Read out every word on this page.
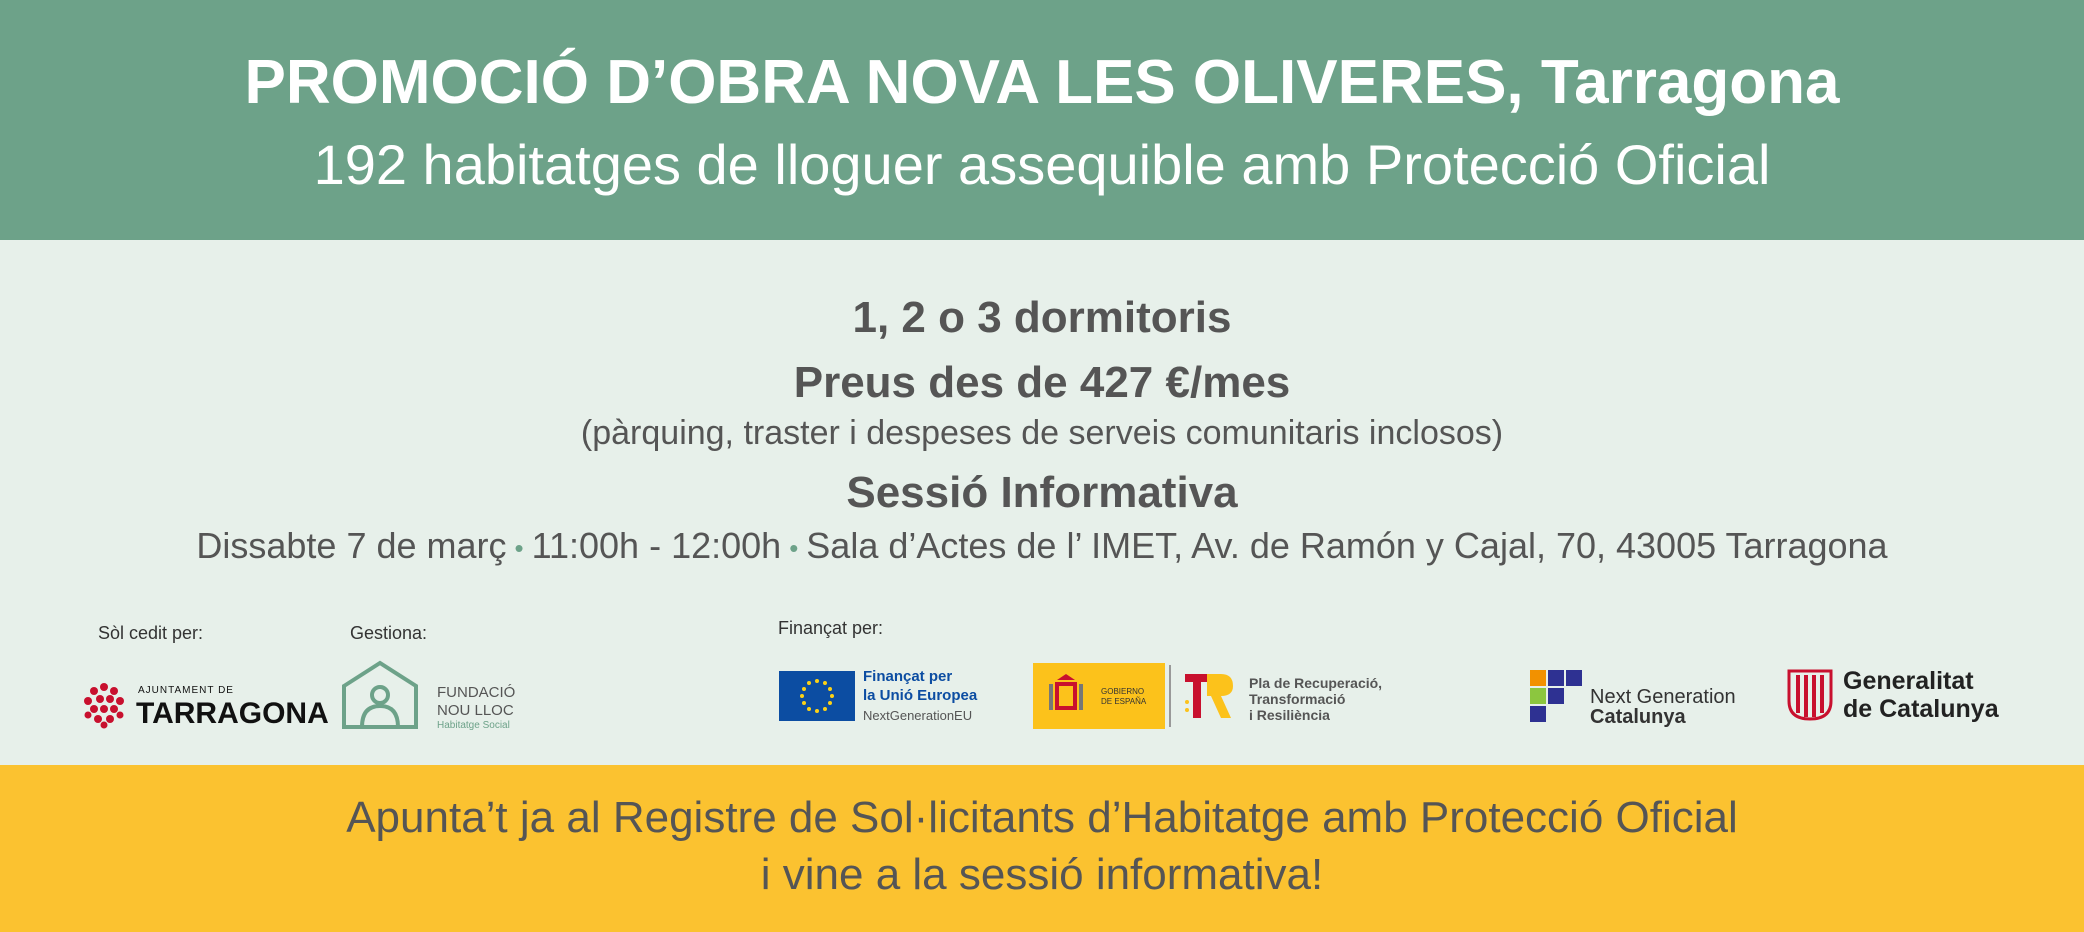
PROMOCIÓ D’OBRA NOVA LES OLIVERES, Tarragona
192 habitatges de lloguer assequible amb Protecció Oficial
1, 2 o 3 dormitoris
Preus des de 427 €/mes
(pàrquing, traster i despeses de serveis comunitaris inclosos)
Sessió Informativa
Dissabte 7 de març • 11:00h - 12:00h • Sala d’Actes de l’ IMET, Av. de Ramón y Cajal, 70, 43005 Tarragona
Sòl cedit per:	Gestiona:	Finançat per:
AJUNTAMENT DE
TARRAGONA
FUNDACIÓ
NOU LLOC
Habitatge Social
Finançat per
la Unió Europea
NextGenerationEU
GOBIERNO
DE ESPAÑA
Pla de Recuperació,
Transformació
i Resiliència
Next Generation
Catalunya
Generalitat
de Catalunya
Apunta’t ja al Registre de Sol·licitants d’Habitatge amb Protecció Oficial
i vine a la sessió informativa!
